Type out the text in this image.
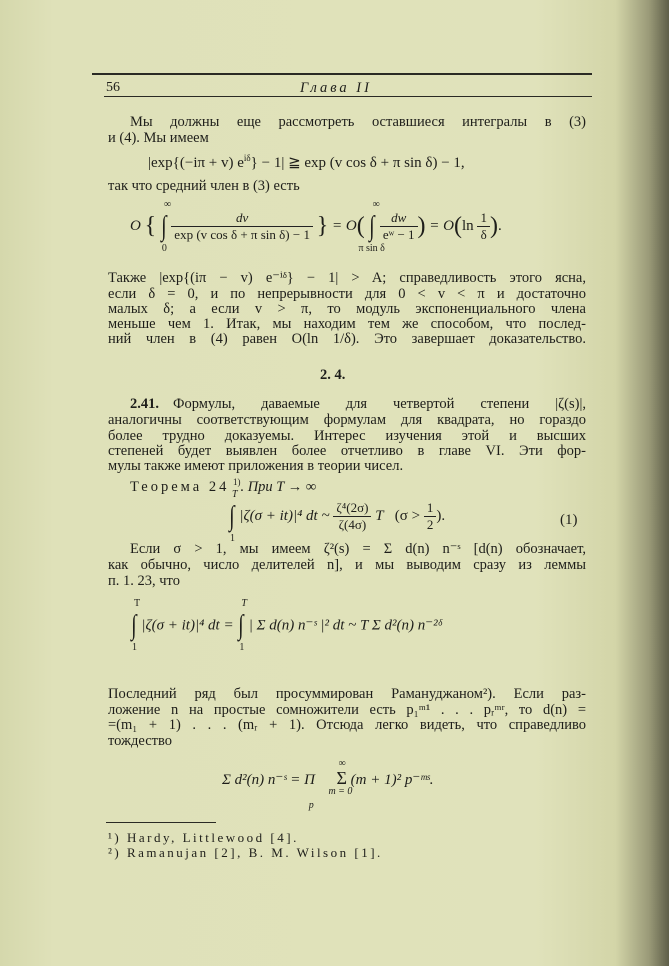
56	Глава II
Мы должны еще рассмотреть оставшиеся интегралы в (3)
и (4). Мы имеем
|exp{(−iπ + v) $e^{i\delta}\} - 1|$ ≧ exp (v cos δ + π sin δ) − 1,
так что средний член в (3) есть
O { ∫
∞
0

$\frac{dv}{\text{exp (v cos δ + π sin δ) − 1}}$ } = O( ∫
∞
π sin δ

$\frac{dw}{\text{eʷ − 1}}$ ) = $O(\ln \frac{1}{\delta}$ ).
Также |exp{(iπ − v) e⁻ⁱᵟ} − 1| > A; справедливость этого ясна,
если δ = 0, и по непрерывности для 0 < v < π и достаточно
малых δ; а если v > π, то модуль экспоненциального члена
меньше чем 1. Итак, мы находим тем же способом, что послед-
ний член в (4) равен O(ln 1/δ). Это завершает доказательство.
2. 4.
2.41. Формулы, даваемые для четвертой степени |ζ(s)|,
аналогичны соответствующим формулам для квадрата, но гораздо
более трудно доказуемы. Интерес изучения этой и высших
степеней будет выявлен более отчетливо в главе VI. Эти фор-
мулы также имеют приложения в теории чисел.
Теорема 24 $^{1)}$. При T → ∞
∫
T
1
|ζ(σ + it)|⁴ dt ~ $\frac{\text{ζ⁴(2σ)}}{\zeta(4\sigma)}$ T ($\sigma > \frac{1}{2}$ ).	(1)
Если σ > 1, мы имеем ζ²(s) = Σ d(n) n⁻ˢ [d(n) обозначает,
как обычно, число делителей n], и мы выводим сразу из леммы
п. 1. 23, что
∫
T
1
|ζ(σ + it)|⁴ dt = ∫
T
1
| Σ d(n) n⁻ˢ |² dt ~ T Σ d²(n) n⁻²ᵟ
Последний ряд был просуммирован Рамануджаном²). Если раз-
ложение n на простые сомножители есть p₁ᵐ¹ . . . pᵣᵐʳ, то d(n) =
=(m₁ + 1) . . . (mᵣ + 1). Отсюда легко видеть, что справедливо
тождество
Σ d²(n) n⁻ˢ = Π
p
Σ
∞
m = 0
(m + 1)² p⁻ᵐˢ.
¹) Hardy, Littlewood [4].
²) Ramanujan [2], B. M. Wilson [1].
